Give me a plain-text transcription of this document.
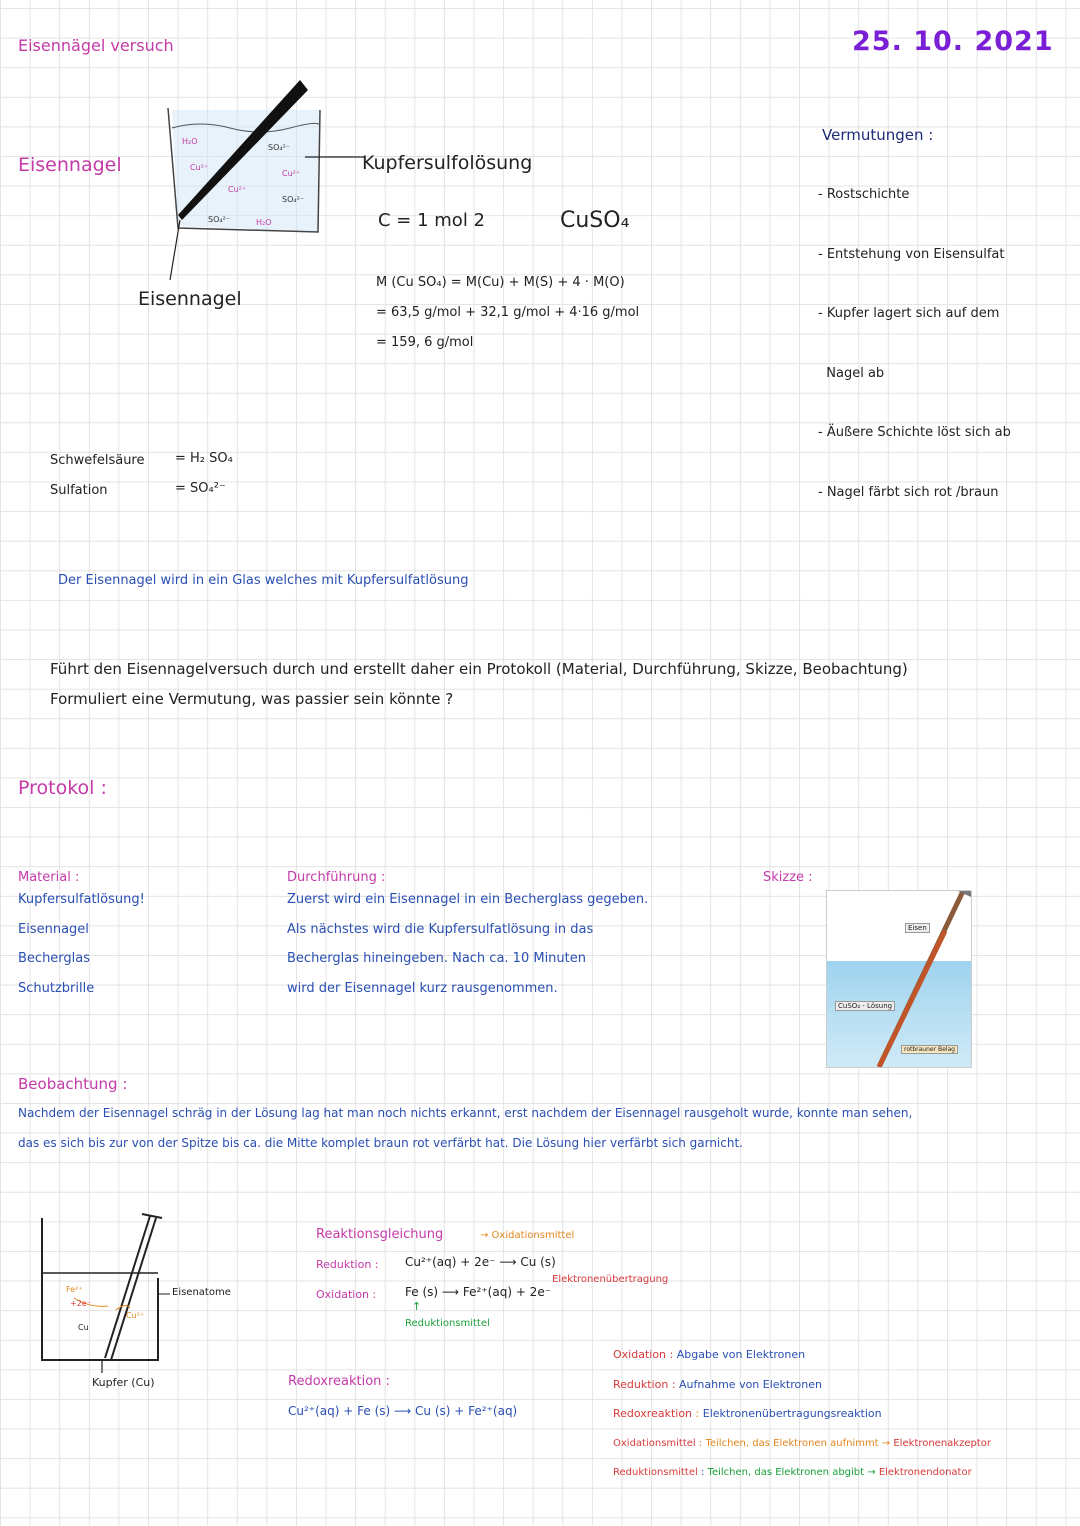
Eisennägel versuch	25. 10. 2021
Eisennagel
H₂O
Cu²⁺
SO₄²⁻
Cu²⁺
Cu²⁺
SO₄²⁻
SO₄²⁻	H₂O
Kupfersulfolösung
Eisennagel
C = 1 mol 2	CuSO₄
M (Cu SO₄) = M(Cu) + M(S) + 4 · M(O)
= 63,5 g/mol + 32,1 g/mol + 4·16 g/mol
= 159, 6 g/mol
Vermutungen :

- Rostschichte

- Entstehung von Eisensulfat

- Kupfer lagert sich auf dem

Nagel ab

- Äußere Schichte löst sich ab

- Nagel färbt sich rot /braun

Schwefelsäure = H₂ SO₄
Sulfation	= SO₄²⁻
Der Eisennagel wird in ein Glas welches mit Kupfersulfatlösung
Führt den Eisennagelversuch durch und erstellt daher ein Protokoll (Material, Durchführung, Skizze, Beobachtung)
Formuliert eine Vermutung, was passier sein könnte ?
Protokol :
Material :
Kupfersulfatlösung!
Eisennagel
Becherglas
Schutzbrille
Durchführung :
Zuerst wird ein Eisennagel in ein Becherglass gegeben.
Als nächstes wird die Kupfersulfatlösung in das
Becherglas hineingeben. Nach ca. 10 Minuten
wird der Eisennagel kurz rausgenommen.
Skizze :
Eisen
CuSO₄ - Lösung
rotbrauner Belag
Beobachtung :
Nachdem der Eisennagel schräg in der Lösung lag hat man noch nichts erkannt, erst nachdem der Eisennagel rausgeholt wurde, konnte man sehen,
das es sich bis zur von der Spitze bis ca. die Mitte komplet braun rot verfärbt hat. Die Lösung hier verfärbt sich garnicht.
Fe²⁺
+2e⁻
Cu²⁺
Cu
Eisenatome
Kupfer (Cu)
Reaktionsgleichung	→ Oxidationsmittel
Reduktion : Cu²⁺(aq) + 2e⁻ ⟶ Cu (s)
Elektronenübertragung
Oxidation : Fe (s) ⟶ Fe²⁺(aq) + 2e⁻
↑
Reduktionsmittel
Redoxreaktion :
Cu²⁺(aq) + Fe (s) ⟶ Cu (s) + Fe²⁺(aq)
Oxidation : Abgabe von Elektronen
Reduktion : Aufnahme von Elektronen
Redoxreaktion : Elektronenübertragungsreaktion
Oxidationsmittel : Teilchen, das Elektronen aufnimmt → Elektronenakzeptor
Reduktionsmittel : Teilchen, das Elektronen abgibt → Elektronendonator
